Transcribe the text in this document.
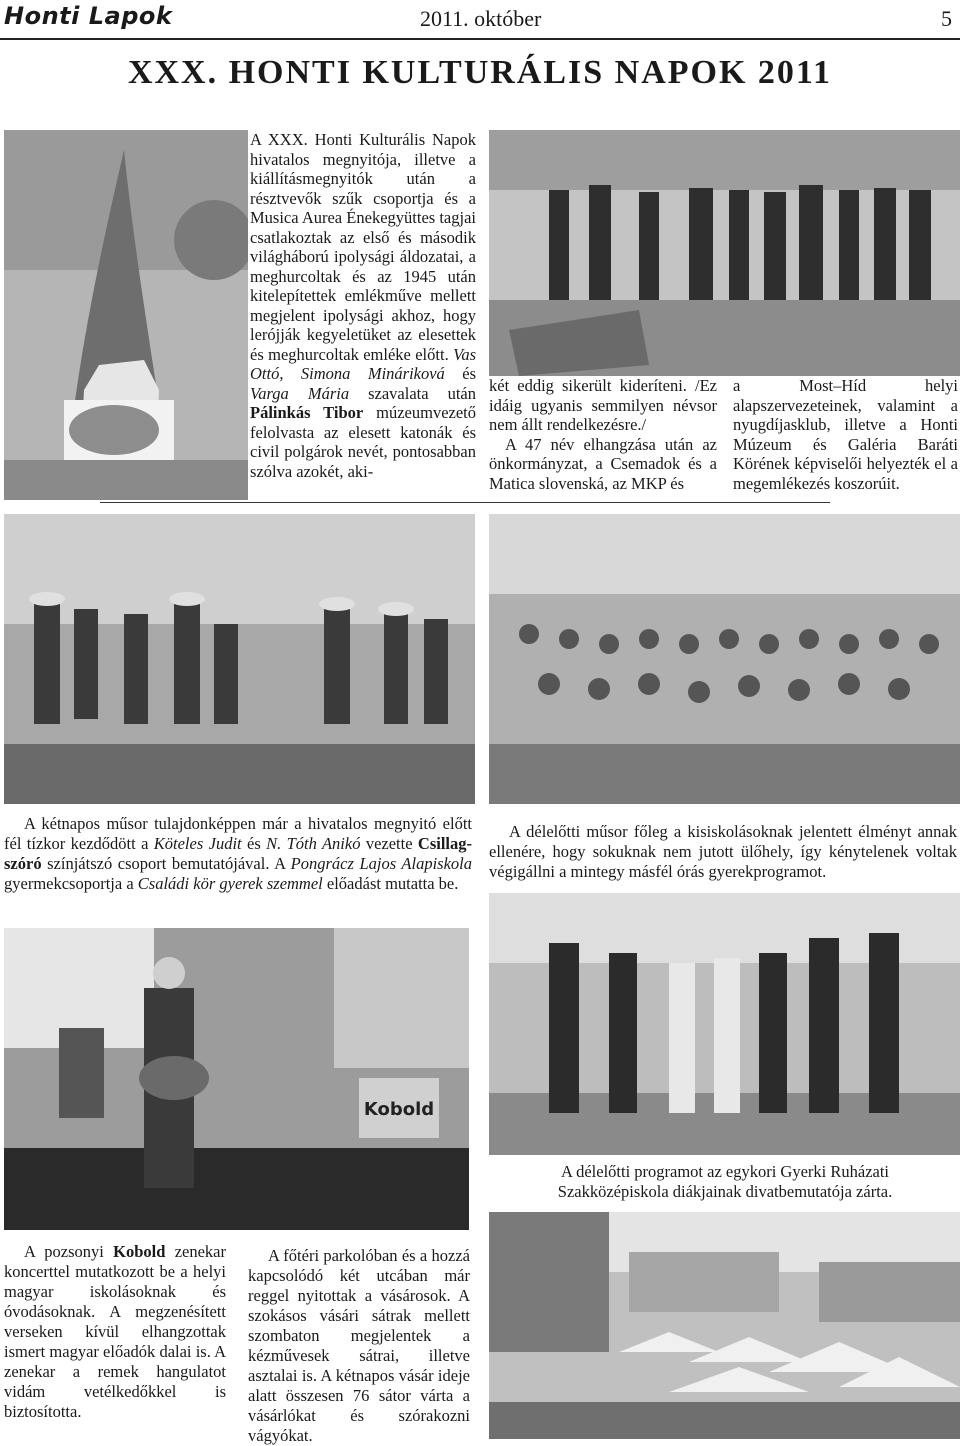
Honti Lapok	2011. október	5
XXX. HONTI KULTURÁLIS NAPOK 2011

A XXX. Honti Kulturális Napok hivatalos megnyitója, illetve a kiállításmegnyitók után a résztvevők szűk csoportja és a Musica Aurea Énekegyüttes tagjai csatlakoztak az első és második világháború ipolysági áldozatai, a meghurcoltak és az 1945 után kitelepítettek emlékműve mellett megjelent ipolysági akhoz, hogy lerójják kegyeletüket az elesettek és meghurcoltak emléke előtt. Vas Ottó, Simona Mináriková és Varga Mária szavalata után Pálinkás Tibor múzeumvezető felolvasta az elesett katonák és civil polgárok nevét, pontosabban szólva azokét, aki-

két eddig sikerült kideríteni. /Ez idáig ugyanis semmilyen névsor nem állt rendelkezésre./

A 47 név elhangzása után az önkormányzat, a Csemadok és a Matica slovenská, az MKP és

a Most–Híd helyi alapszervezeteinek, valamint a nyugdíjasklub, illetve a Honti Múzeum és Galéria Baráti Körének képviselői helyezték el a megemlékezés koszorúit.

A kétnapos műsor tulajdonképpen már a hivatalos megnyitó előtt fél tízkor kezdődött a Köteles Judit és N. Tóth Anikó vezette Csillag-szóró színjátszó csoport bemutatójával. A Pongrácz Lajos Alapiskola gyermekcsoportja a Családi kör gyerek szemmel előadást mutatta be.
A délelőtti műsor főleg a kisiskolásoknak jelentett élményt annak ellenére, hogy sokuknak nem jutott ülőhely, így kénytelenek voltak végigállni a mintegy másfél órás gyerekprogramot.
Kobold
A délelőtti programot az egykori Gyerki Ruházati Szakközépiskola diákjainak divatbemutatója zárta.
A pozsonyi Kobold zenekar koncerttel mutatkozott be a helyi magyar iskolásoknak és óvodásoknak. A megzenésített verseken kívül elhangzottak ismert magyar előadók dalai is. A zenekar a remek hangulatot vidám vetélkedőkkel is biztosította.
A főtéri parkolóban és a hozzá kapcsolódó két utcában már reggel nyitottak a vásárosok. A szokásos vásári sátrak mellett szombaton megjelentek a kézművesek sátrai, illetve asztalai is. A kétnapos vásár ideje alatt összesen 76 sátor várta a vásárlókat és szórakozni vágyókat.
